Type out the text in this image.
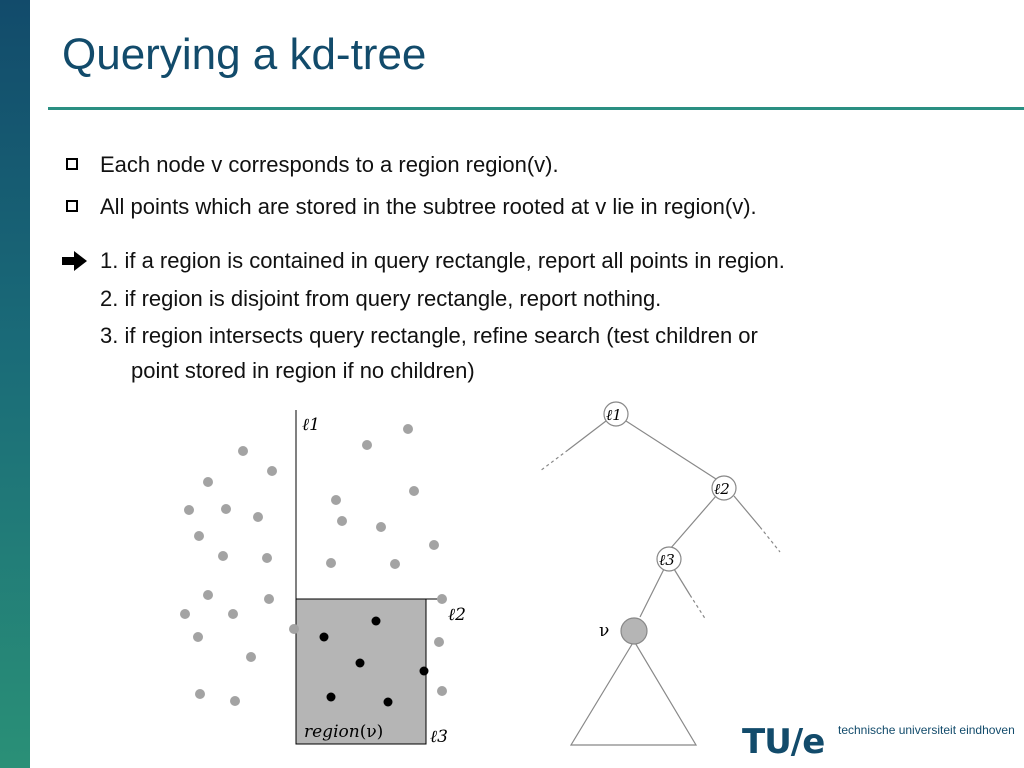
Querying a kd-tree
Each node v corresponds to a region region(v).
All points which are stored in the subtree rooted at v lie in region(v).
1. if a region is contained in query rectangle, report all points in region.
2. if region is disjoint from query rectangle, report nothing.
3. if region intersects query rectangle, refine search (test children or
point stored in region if no children)
ℓ1
ℓ2
ℓ3
region(ν)
ℓ1
ℓ2
ℓ3
ν
TU/e technische universiteit eindhoven
